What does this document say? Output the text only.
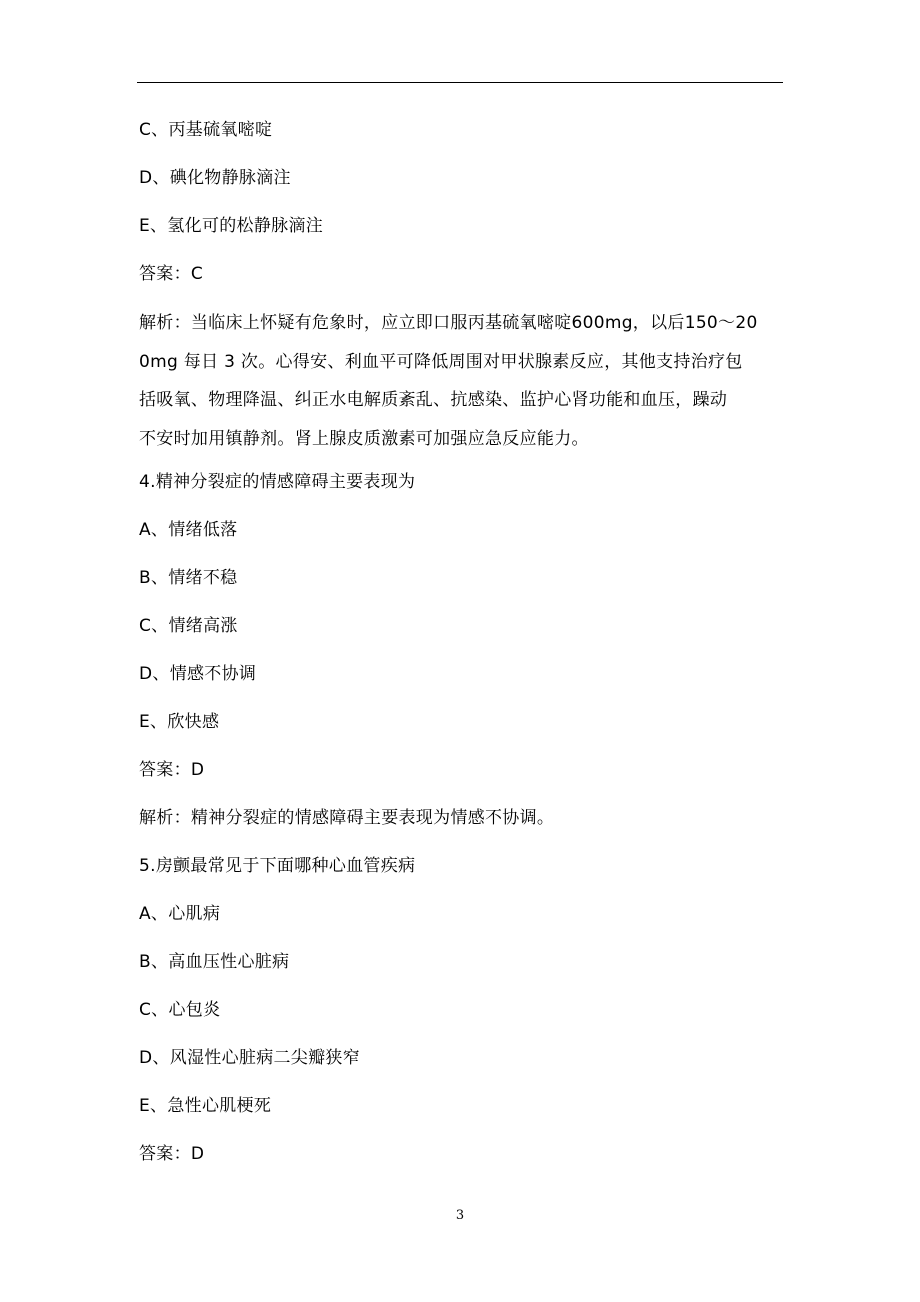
C、丙基硫氧嘧啶
D、碘化物静脉滴注
E、氢化可的松静脉滴注
答案：C
解析：当临床上怀疑有危象时，应立即口服丙基硫氧嘧啶600mg，以后150～20
0mg 每日 3 次。心得安、利血平可降低周围对甲状腺素反应，其他支持治疗包
括吸氧、物理降温、纠正水电解质紊乱、抗感染、监护心肾功能和血压，躁动
不安时加用镇静剂。肾上腺皮质激素可加强应急反应能力。
4.精神分裂症的情感障碍主要表现为
A、情绪低落
B、情绪不稳
C、情绪高涨
D、情感不协调
E、欣快感
答案：D
解析：精神分裂症的情感障碍主要表现为情感不协调。
5.房颤最常见于下面哪种心血管疾病
A、心肌病
B、高血压性心脏病
C、心包炎
D、风湿性心脏病二尖瓣狭窄
E、急性心肌梗死
答案：D
3
